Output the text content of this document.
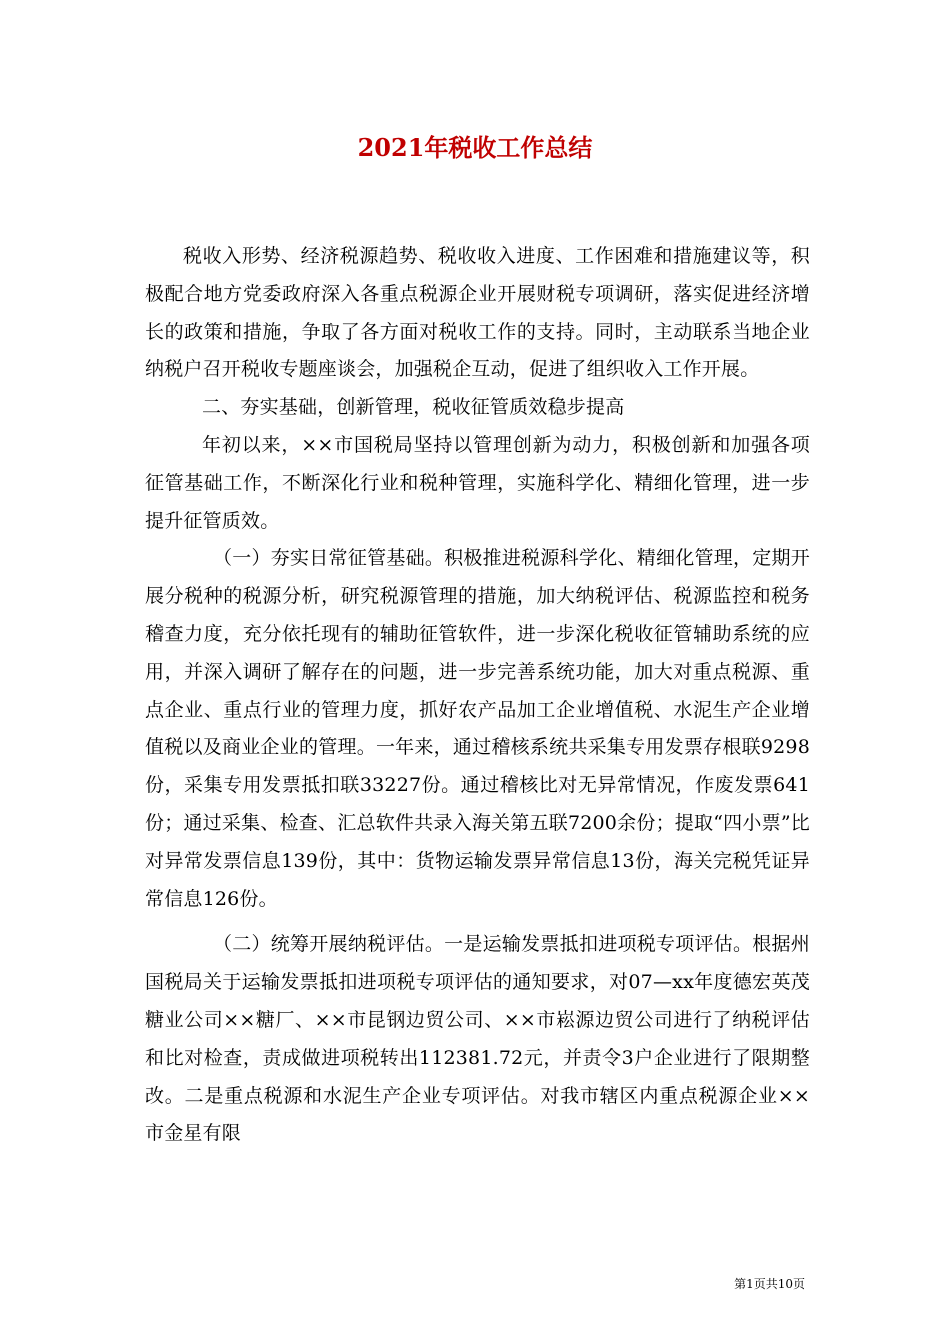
2021年税收工作总结

税收入形势、经济税源趋势、税收收入进度、工作困难和措施建议等，积极配合地方党委政府深入各重点税源企业开展财税专项调研，落实促进经济增长的政策和措施，争取了各方面对税收工作的支持。同时，主动联系当地企业纳税户召开税收专题座谈会，加强税企互动，促进了组织收入工作开展。

二、夯实基础，创新管理，税收征管质效稳步提高

年初以来，××市国税局坚持以管理创新为动力，积极创新和加强各项征管基础工作，不断深化行业和税种管理，实施科学化、精细化管理，进一步提升征管质效。

（一）夯实日常征管基础。积极推进税源科学化、精细化管理，定期开展分税种的税源分析，研究税源管理的措施，加大纳税评估、税源监控和税务稽查力度，充分依托现有的辅助征管软件，进一步深化税收征管辅助系统的应用，并深入调研了解存在的问题，进一步完善系统功能，加大对重点税源、重点企业、重点行业的管理力度，抓好农产品加工企业增值税、水泥生产企业增值税以及商业企业的管理。一年来，通过稽核系统共采集专用发票存根联9298份，采集专用发票抵扣联33227份。通过稽核比对无异常情况，作废发票641份；通过采集、检查、汇总软件共录入海关第五联7200余份；提取“四小票”比对异常发票信息139份，其中：货物运输发票异常信息13份，海关完税凭证异常信息126份。

（二）统筹开展纳税评估。一是运输发票抵扣进项税专项评估。根据州国税局关于运输发票抵扣进项税专项评估的通知要求，对07—xx年度德宏英茂糖业公司××糖厂、××市昆钢边贸公司、××市崧源边贸公司进行了纳税评估和比对检查，责成做进项税转出112381.72元，并责令3户企业进行了限期整改。二是重点税源和水泥生产企业专项评估。对我市辖区内重点税源企业××市金星有限

第1页共10页
